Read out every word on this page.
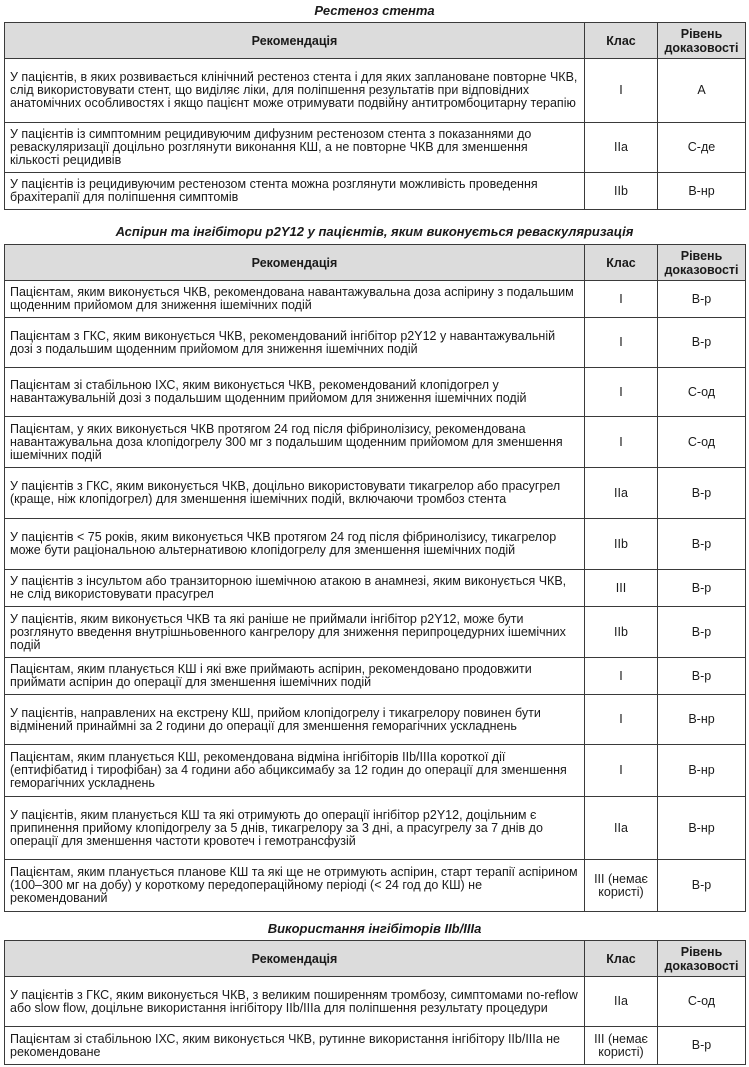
Рестеноз стента
Рекомендація	Клас	Рівень доказовості
У пацієнтів, в яких розвивається клінічний рестеноз стента і для яких заплановане повторне ЧКВ, слід використовувати стент, що виділяє ліки, для поліпшення результатів при відповідних анатомічних особливостях і якщо пацієнт може отримувати подвійну антитромбоцитарну терапію	I	A
У пацієнтів із симптомним рецидивуючим дифузним рестенозом стента з показаннями до реваскуляризації доцільно розглянути виконання КШ, а не повторне ЧКВ для зменшення кількості рецидивів	IIa	С-де
У пацієнтів із рецидивуючим рестенозом стента можна розглянути можливість проведення брахітерапії для поліпшення симптомів	IIb	В-нр
Аспірин та інгібітори р2Y12 у пацієнтів, яким виконується реваскуляризація
Рекомендація	Клас	Рівень доказовості
Пацієнтам, яким виконується ЧКВ, рекомендована навантажувальна доза аспірину з подальшим щоденним прийомом для зниження ішемічних подій	I	В-р
Пацієнтам з ГКС, яким виконується ЧКВ, рекомендований інгібітор р2Y12 у навантажувальній дозі з подальшим щоденним прийомом для зниження ішемічних подій	I	В-р
Пацієнтам зі стабільною ІХС, яким виконується ЧКВ, рекомендований клопідогрел у навантажувальній дозі з подальшим щоденним прийомом для зниження ішемічних подій	I	С-од
Пацієнтам, у яких виконується ЧКВ протягом 24 год після фібринолізису, рекомендована навантажувальна доза клопідогрелу 300 мг з подальшим щоденним прийомом для зменшення ішемічних подій	I	С-од
У пацієнтів з ГКС, яким виконується ЧКВ, доцільно використовувати тикагрелор або прасугрел (краще, ніж клопідогрел) для зменшення ішемічних подій, включаючи тромбоз стента	IIa	В-р
У пацієнтів < 75 років, яким виконується ЧКВ протягом 24 год після фібринолізису, тикагрелор може бути раціональною альтернативою клопідогрелу для зменшення ішемічних подій	IIb	В-р
У пацієнтів з інсультом або транзиторною ішемічною атакою в анамнезі, яким виконується ЧКВ, не слід використовувати прасугрел	III	В-р
У пацієнтів, яким виконується ЧКВ та які раніше не приймали інгібітор р2Y12, може бути розглянуто введення внутрішньовенного кангрелору для зниження перипроцедурних ішемічних подій	IIb	В-р
Пацієнтам, яким планується КШ і які вже приймають аспірин, рекомендовано продовжити приймати аспірин до операції для зменшення ішемічних подій	I	В-р
У пацієнтів, направлених на екстрену КШ, прийом клопідогрелу і тикагрелору повинен бути відмінений принаймні за 2 години до операції для зменшення геморагічних ускладнень	I	В-нр
Пацієнтам, яким планується КШ, рекомендована відміна інгібіторів IIb/IIIa короткої дії (ептифібатид і тирофібан) за 4 години або абциксимабу за 12 годин до операції для зменшення геморагічних ускладнень	I	В-нр
У пацієнтів, яким планується КШ та які отримують до операції інгібітор р2Y12, доцільним є припинення прийому клопідогрелу за 5 днів, тикагрелору за 3 дні, а прасугрелу за 7 днів до операції для зменшення частоти кровотеч і гемотрансфузій	IIa	В-нр
Пацієнтам, яким планується планове КШ та які ще не отримують аспірин, старт терапії аспірином (100–300 мг на добу) у короткому передопераційному періоді (< 24 год до КШ) не рекомендований	III (немає користі)	В-р
Використання інгібіторів IIb/IIIa
Рекомендація	Клас	Рівень доказовості
У пацієнтів з ГКС, яким виконується ЧКВ, з великим поширенням тромбозу, симптомами no-reflow або slow flow, доцільне використання інгібітору IIb/IIIa для поліпшення результату процедури	IIa	С-од
Пацієнтам зі стабільною ІХС, яким виконується ЧКВ, рутинне використання інгібітору IIb/IIIa не рекомендоване	III (немає користі)	В-р
